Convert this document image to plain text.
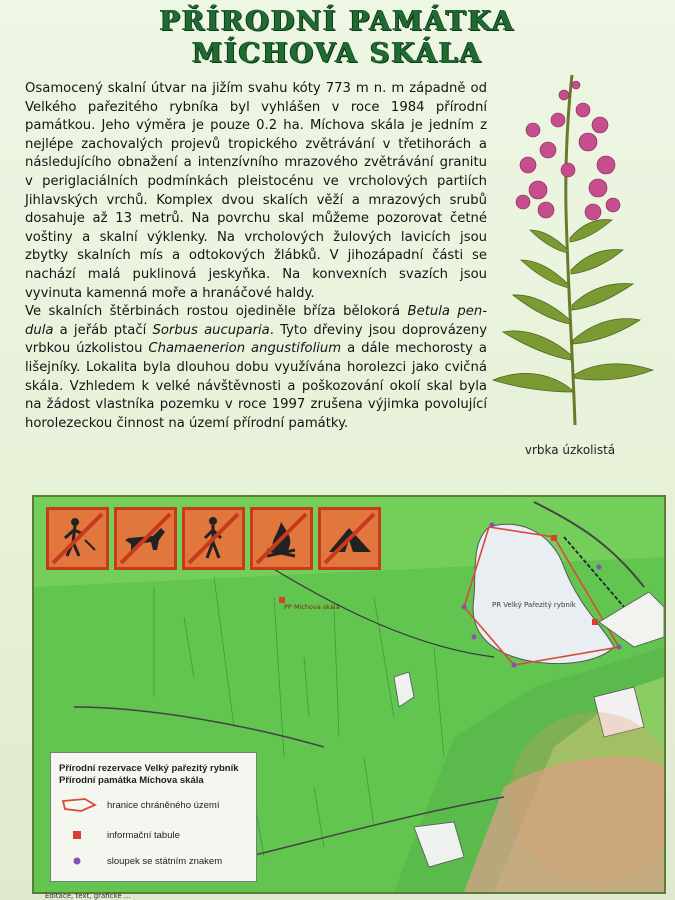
PŘÍRODNÍ PAMÁTKA
MÍCHOVA SKÁLA

Osamocený skalní útvar na jižím svahu kóty 773 m n. m západně od Velkého pařezitého rybníka byl vyhlášen v roce 1984 přírodní památkou. Jeho výměra je pouze 0.2 ha. Míchova skála je jedním z nejlépe zachovalých projevů tropického zvětrávání v třetihorách a následujícího obnažení a intenzívního mrazového zvětrávání granitu v periglaciálních podmínkách pleistocénu ve vrcholových partiích Jihlavských vrchů. Komplex dvou skalích věží a mrazových srubů dosahuje až 13 metrů. Na povrchu skal můžeme pozorovat četné voštiny a skalní výklenky. Na vrcholových žulových lavicích jsou zbytky skalních mís a odtokových žlábků. V jihozápadní části se nachází malá puklinová jeskyňka. Na konvexních svazích jsou vyvinuta kamenná moře a hranáčové haldy.

Ve skalních štěrbinách rostou ojediněle bříza bělokorá Betula pen-dula a jeřáb ptačí Sorbus aucuparia. Tyto dřeviny jsou doprovázeny vrbkou úzkolistou Chamaenerion angustifolium a dále mechorosty a lišejníky. Lokalita byla dlouhou dobu využívána horolezci jako cvičná skála. Vzhledem k velké návštěvnosti a poškozování okolí skal byla na žádost vlastníka pozemku v roce 1997 zrušena výjimka povolující horolezeckou činnost na území přírodní památky.

vrbka úzkolistá
PR Velký Pařezitý rybník
PP Míchova skála
Přírodní rezervace Velký pařezitý rybník
Přírodní památka Míchova skála
hranice chráněného území
informační tabule
sloupek se státním znakem
Editace, text, grafické ...
